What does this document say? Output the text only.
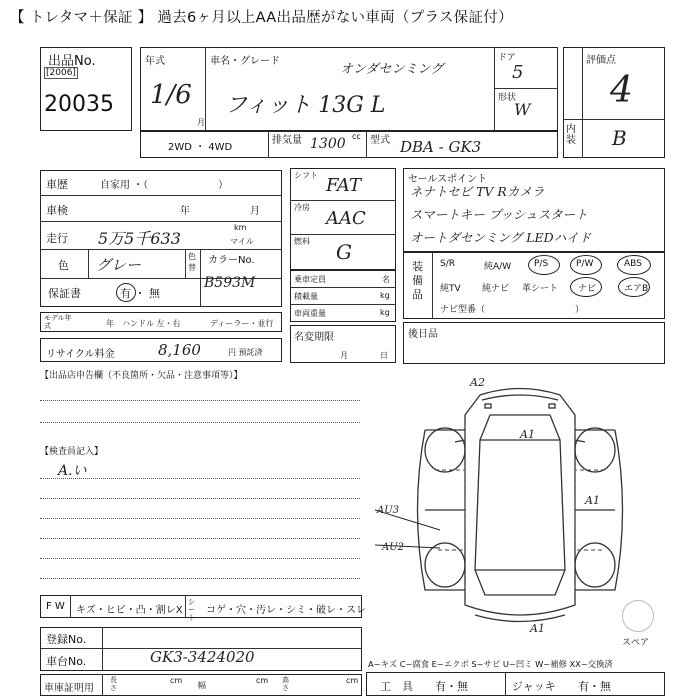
【 トレタマ＋保証 】 過去6ヶ月以上AA出品歴がない車両（プラス保証付）
出品No.
[2006]
20035
年式
1/6
月
車名・グレード
オンダセンミング
フィット 13G L
ドア
5
形状
W
評価点
4
内装 B
2WD ・ 4WD
排気量 1300 cc 型式 DBA - GK3
車歴	自家用 ・（　　　　　　　）
車検	年	月
走行 5万5千633
km
マイル
色 グレー	色替
カラーNo.
B593M
保証書	有 ・ 無
モデル年式	年 ハンドル 左・右	ディーラー・並行
リサイクル料金	8,160	円 預託済
シフト FAT
冷房
AAC
燃料 G
乗車定員	名
積載量	kg
車両重量	kg
名変期限
月	日
セールスポイント
ネナトセビ TV Rカメラ
スマートキー プッシュスタート
オートダセンミング LEDハイド
装備品
S/R	純A/W	P/S	P/W	ABS
純TV 純ナビ 革シート ナビ	エアB
ナビ型番（　　　　　　　　　　）
後日品
【出品店申告欄（不良箇所・欠品・注意事項等）】
【検査員記入】
A.い
F W キズ・ヒビ・凸・割レX
シート
コゲ・穴・汚レ・シミ・破レ・スレ
登録No.
車台No.	GK3-3424020
車庫証明用
長さ
cm
幅
cm 高さ
cm
A2
A1
AU3
AU2
A1
A1
スペア
A~キズ C~腐食 E~エクボ S~サビ U~凹ミ W~補修 XX~交換済
工　具 有・無	ジャッキ 有・無
